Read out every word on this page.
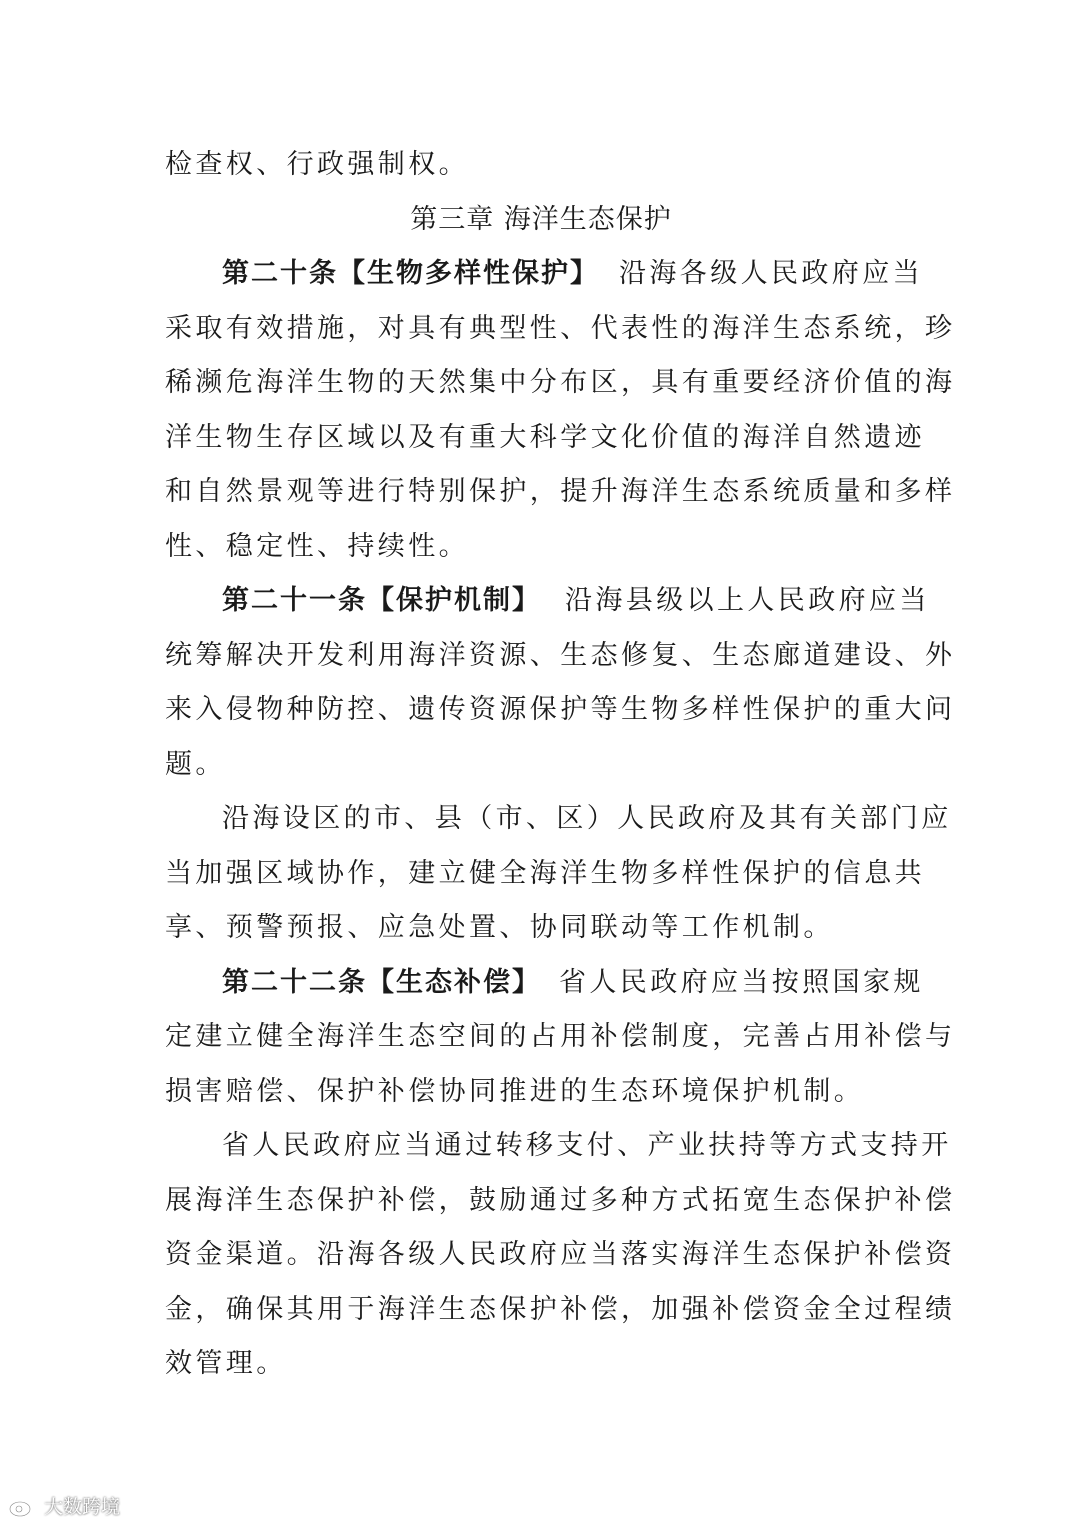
检查权、行政强制权。
第三章 海洋生态保护
第二十条【生物多样性保护】 沿海各级人民政府应当
采取有效措施，对具有典型性、代表性的海洋生态系统，珍
稀濒危海洋生物的天然集中分布区，具有重要经济价值的海
洋生物生存区域以及有重大科学文化价值的海洋自然遗迹
和自然景观等进行特别保护，提升海洋生态系统质量和多样
性、稳定性、持续性。
第二十一条【保护机制】 沿海县级以上人民政府应当
统筹解决开发利用海洋资源、生态修复、生态廊道建设、外
来入侵物种防控、遗传资源保护等生物多样性保护的重大问
题。
沿海设区的市、县（市、区）人民政府及其有关部门应
当加强区域协作，建立健全海洋生物多样性保护的信息共
享、预警预报、应急处置、协同联动等工作机制。
第二十二条【生态补偿】 省人民政府应当按照国家规
定建立健全海洋生态空间的占用补偿制度，完善占用补偿与
损害赔偿、保护补偿协同推进的生态环境保护机制。
省人民政府应当通过转移支付、产业扶持等方式支持开
展海洋生态保护补偿，鼓励通过多种方式拓宽生态保护补偿
资金渠道。沿海各级人民政府应当落实海洋生态保护补偿资
金，确保其用于海洋生态保护补偿，加强补偿资金全过程绩
效管理。
大数跨境
